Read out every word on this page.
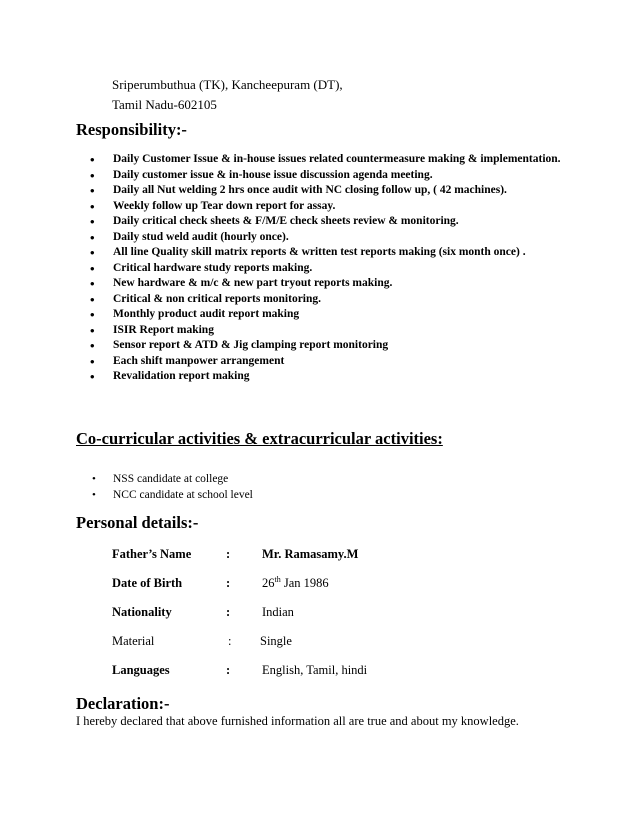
Sriperumbuthua (TK), Kancheepuram (DT),
Tamil Nadu-602105
Responsibility:-
• Daily Customer Issue & in-house issues related countermeasure making & implementation.
• Daily customer issue & in-house issue discussion agenda meeting.
• Daily all Nut welding 2 hrs once audit with NC closing follow up, ( 42 machines).
• Weekly follow up Tear down report for assay.
• Daily critical check sheets & F/M/E check sheets review & monitoring.
• Daily stud weld audit (hourly once).
• All line Quality skill matrix reports & written test reports making (six month once) .
• Critical hardware study reports making.
• New hardware & m/c & new part tryout reports making.
• Critical & non critical reports monitoring.
• Monthly product audit report making
• ISIR Report making
• Sensor report & ATD & Jig clamping report monitoring
• Each shift manpower arrangement
• Revalidation report making
Co-curricular activities & extracurricular activities:
• NSS candidate at college
• NCC candidate at school level
Personal details:-
Father’s Name	:	Mr. Ramasamy.M
Date of Birth	:	26th Jan 1986
Nationality	:	Indian
Material	: Single
Languages	:	English, Tamil, hindi
Declaration:-
I hereby declared that above furnished information all are true and about my knowledge.
